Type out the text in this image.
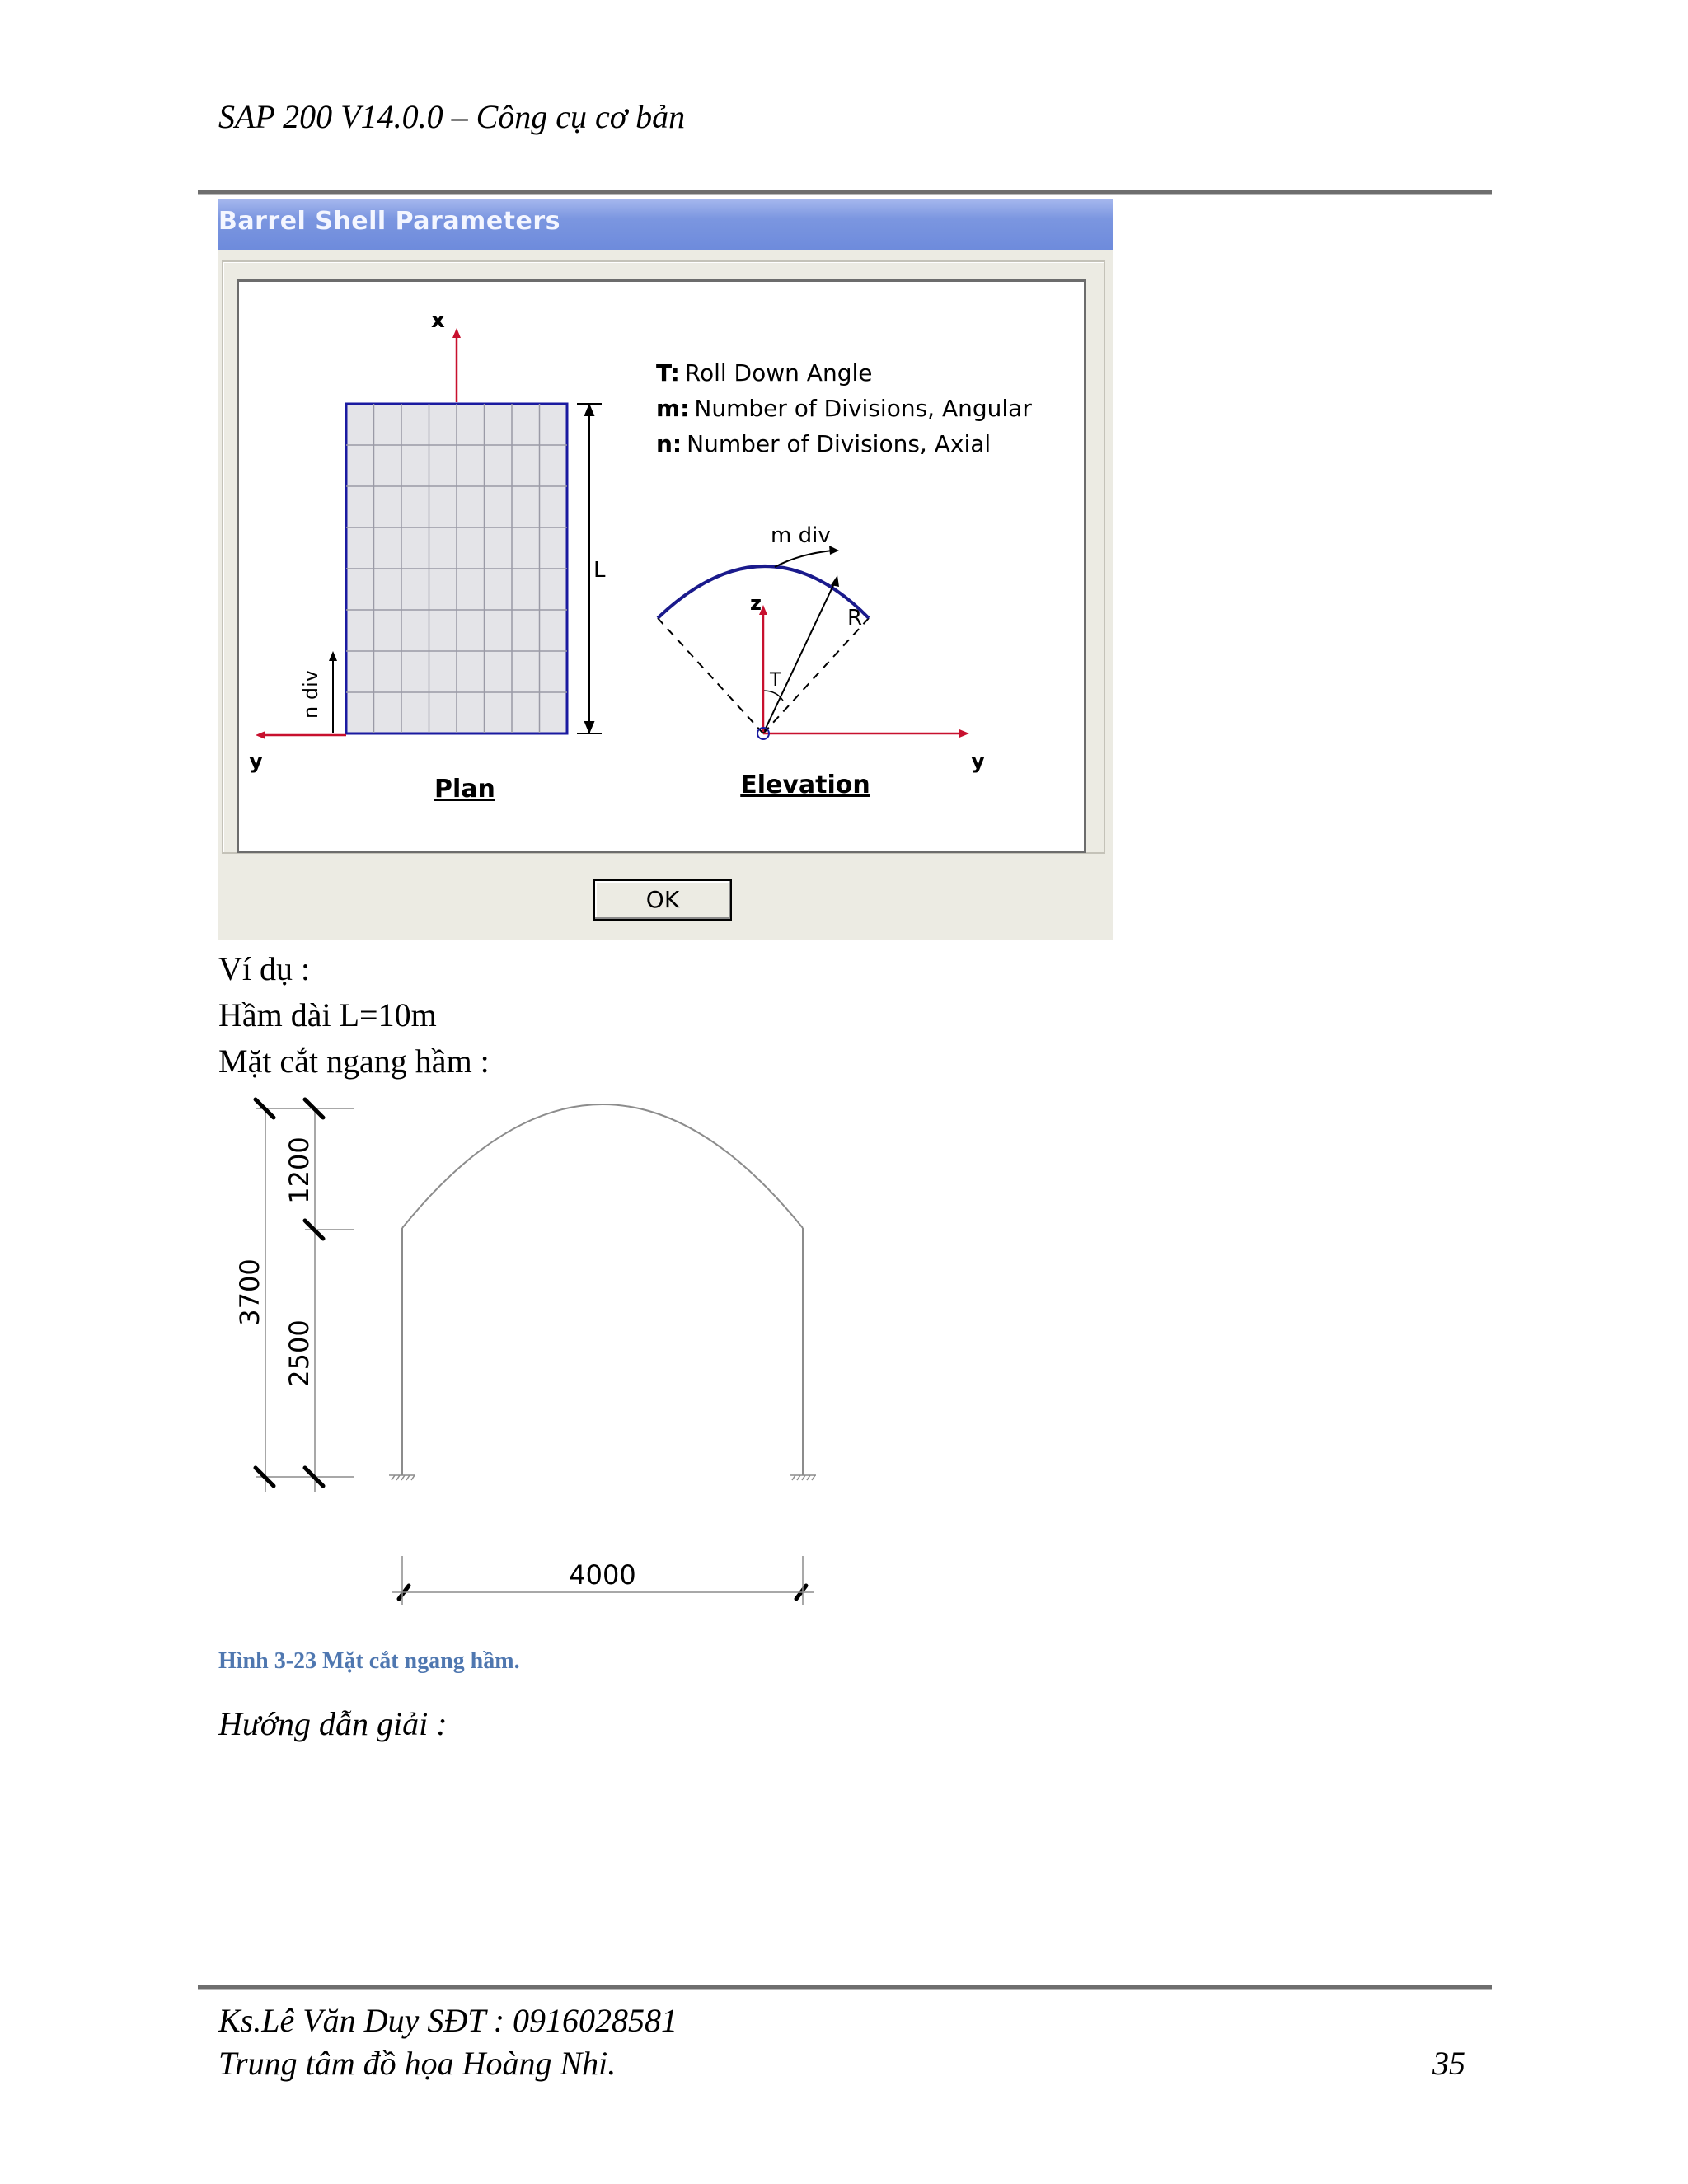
SAP 200 V14.0.0 – Công cụ cơ bản
Barrel Shell Parameters
x
y
n div
L
Plan
T: Roll Down Angle
m: Number of Divisions, Angular
n: Number of Divisions, Axial
m div
R
z
T
y
Elevation
OK
Ví dụ :
Hầm dài L=10m
Mặt cắt ngang hầm :
3700
1200
2500
4000
Hình 3-23 Mặt cắt ngang hầm.
Hướng dẫn giải :
Ks.Lê Văn Duy SĐT : 0916028581
Trung tâm đồ họa Hoàng Nhi.	35
